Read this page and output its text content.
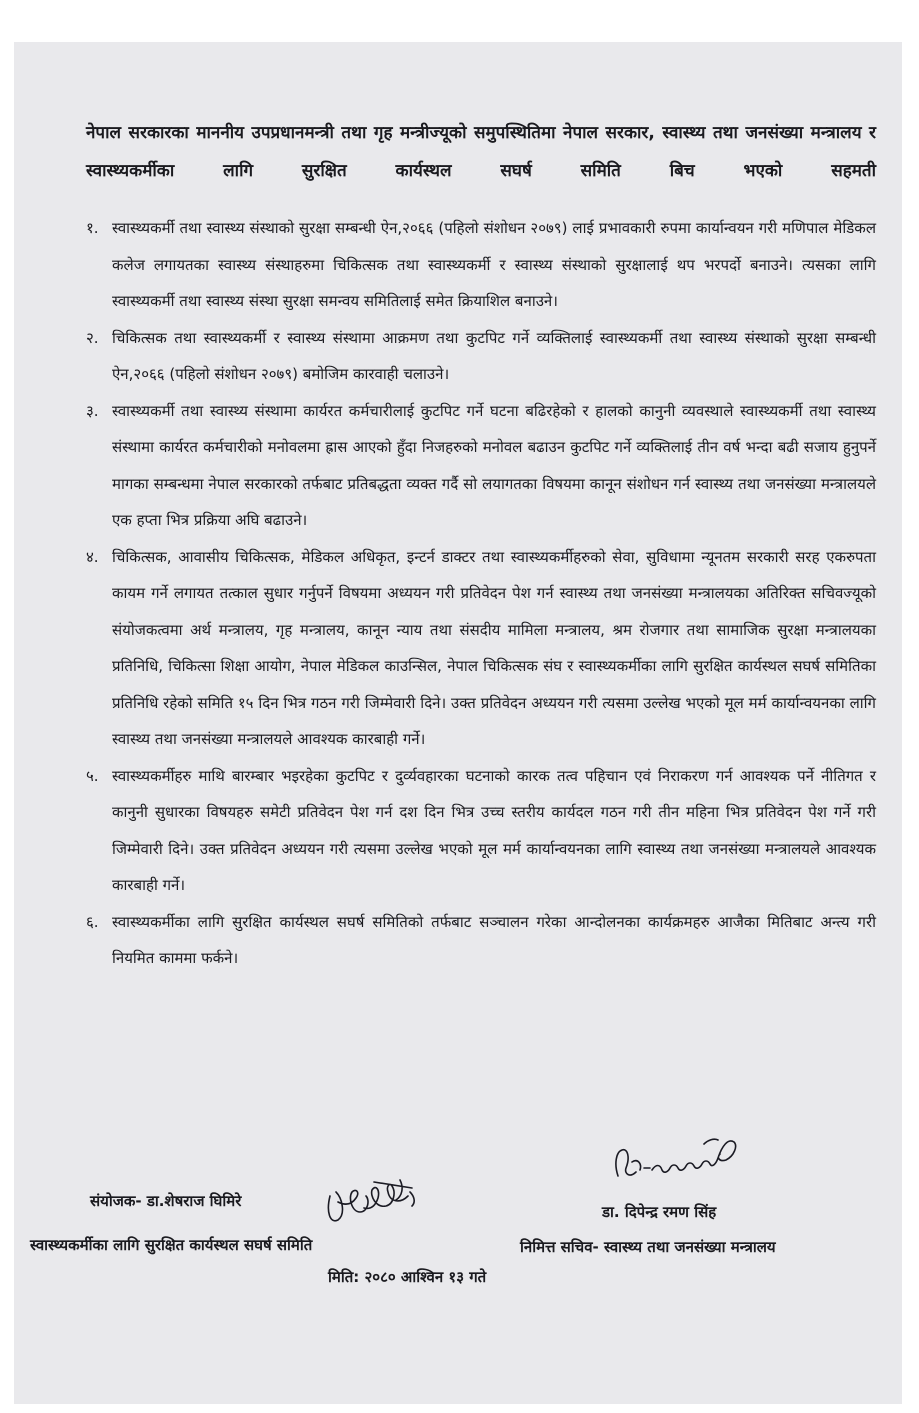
नेपाल सरकारका माननीय उपप्रधानमन्त्री तथा गृह मन्त्रीज्यूको समुपस्थितिमा नेपाल सरकार, स्वास्थ्य तथा जनसंख्या मन्त्रालय र स्वास्थ्यकर्मीका लागि सुरक्षित कार्यस्थल सघर्ष समिति बिच भएको सहमती
१. स्वास्थ्यकर्मी तथा स्वास्थ्य संस्थाको सुरक्षा सम्बन्धी ऐन,२०६६ (पहिलो संशोधन २०७९) लाई प्रभावकारी रुपमा कार्यान्वयन गरी मणिपाल मेडिकल कलेज लगायतका स्वास्थ्य संस्थाहरुमा चिकित्सक तथा स्वास्थ्यकर्मी र स्वास्थ्य संस्थाको सुरक्षालाई थप भरपर्दो बनाउने। त्यसका लागि स्वास्थ्यकर्मी तथा स्वास्थ्य संस्था सुरक्षा समन्वय समितिलाई समेत क्रियाशिल बनाउने।
२. चिकित्सक तथा स्वास्थ्यकर्मी र स्वास्थ्य संस्थामा आक्रमण तथा कुटपिट गर्ने व्यक्तिलाई स्वास्थ्यकर्मी तथा स्वास्थ्य संस्थाको सुरक्षा सम्बन्धी ऐन,२०६६ (पहिलो संशोधन २०७९) बमोजिम कारवाही चलाउने।
३. स्वास्थ्यकर्मी तथा स्वास्थ्य संस्थामा कार्यरत कर्मचारीलाई कुटपिट गर्ने घटना बढिरहेको र हालको कानुनी व्यवस्थाले स्वास्थ्यकर्मी तथा स्वास्थ्य संस्थामा कार्यरत कर्मचारीको मनोवलमा ह्रास आएको हुँदा निजहरुको मनोवल बढाउन कुटपिट गर्ने व्यक्तिलाई तीन वर्ष भन्दा बढी सजाय हुनुपर्ने मागका सम्बन्धमा नेपाल सरकारको तर्फबाट प्रतिबद्धता व्यक्त गर्दै सो लयागतका विषयमा कानून संशोधन गर्न स्वास्थ्य तथा जनसंख्या मन्त्रालयले एक हप्ता भित्र प्रक्रिया अघि बढाउने।
४. चिकित्सक, आवासीय चिकित्सक, मेडिकल अधिकृत, इन्टर्न डाक्टर तथा स्वास्थ्यकर्मीहरुको सेवा, सुविधामा न्यूनतम सरकारी सरह एकरुपता कायम गर्ने लगायत तत्काल सुधार गर्नुपर्ने विषयमा अध्ययन गरी प्रतिवेदन पेश गर्न स्वास्थ्य तथा जनसंख्या मन्त्रालयका अतिरिक्त सचिवज्यूको संयोजकत्वमा अर्थ मन्त्रालय, गृह मन्त्रालय, कानून न्याय तथा संसदीय मामिला मन्त्रालय, श्रम रोजगार तथा सामाजिक सुरक्षा मन्त्रालयका प्रतिनिधि, चिकित्सा शिक्षा आयोग, नेपाल मेडिकल काउन्सिल, नेपाल चिकित्सक संघ र स्वास्थ्यकर्मीका लागि सुरक्षित कार्यस्थल सघर्ष समितिका प्रतिनिधि रहेको समिति १५ दिन भित्र गठन गरी जिम्मेवारी दिने। उक्त प्रतिवेदन अध्ययन गरी त्यसमा उल्लेख भएको मूल मर्म कार्यान्वयनका लागि स्वास्थ्य तथा जनसंख्या मन्त्रालयले आवश्यक कारबाही गर्ने।
५. स्वास्थ्यकर्मीहरु माथि बारम्बार भइरहेका कुटपिट र दुर्व्यवहारका घटनाको कारक तत्व पहिचान एवं निराकरण गर्न आवश्यक पर्ने नीतिगत र कानुनी सुधारका विषयहरु समेटी प्रतिवेदन पेश गर्न दश दिन भित्र उच्च स्तरीय कार्यदल गठन गरी तीन महिना भित्र प्रतिवेदन पेश गर्ने गरी जिम्मेवारी दिने। उक्त प्रतिवेदन अध्ययन गरी त्यसमा उल्लेख भएको मूल मर्म कार्यान्वयनका लागि स्वास्थ्य तथा जनसंख्या मन्त्रालयले आवश्यक कारबाही गर्ने।
६. स्वास्थ्यकर्मीका लागि सुरक्षित कार्यस्थल सघर्ष समितिको तर्फबाट सञ्चालन गरेका आन्दोलनका कार्यक्रमहरु आजैका मितिबाट अन्त्य गरी नियमित काममा फर्कने।
संयोजक- डा.शेषराज घिमिरे
स्वास्थ्यकर्मीका लागि सुरक्षित कार्यस्थल सघर्ष समिति
डा. दिपेन्द्र रमण सिंह
निमित्त सचिव- स्वास्थ्य तथा जनसंख्या मन्त्रालय
मिति: २०८० आश्विन १३ गते
